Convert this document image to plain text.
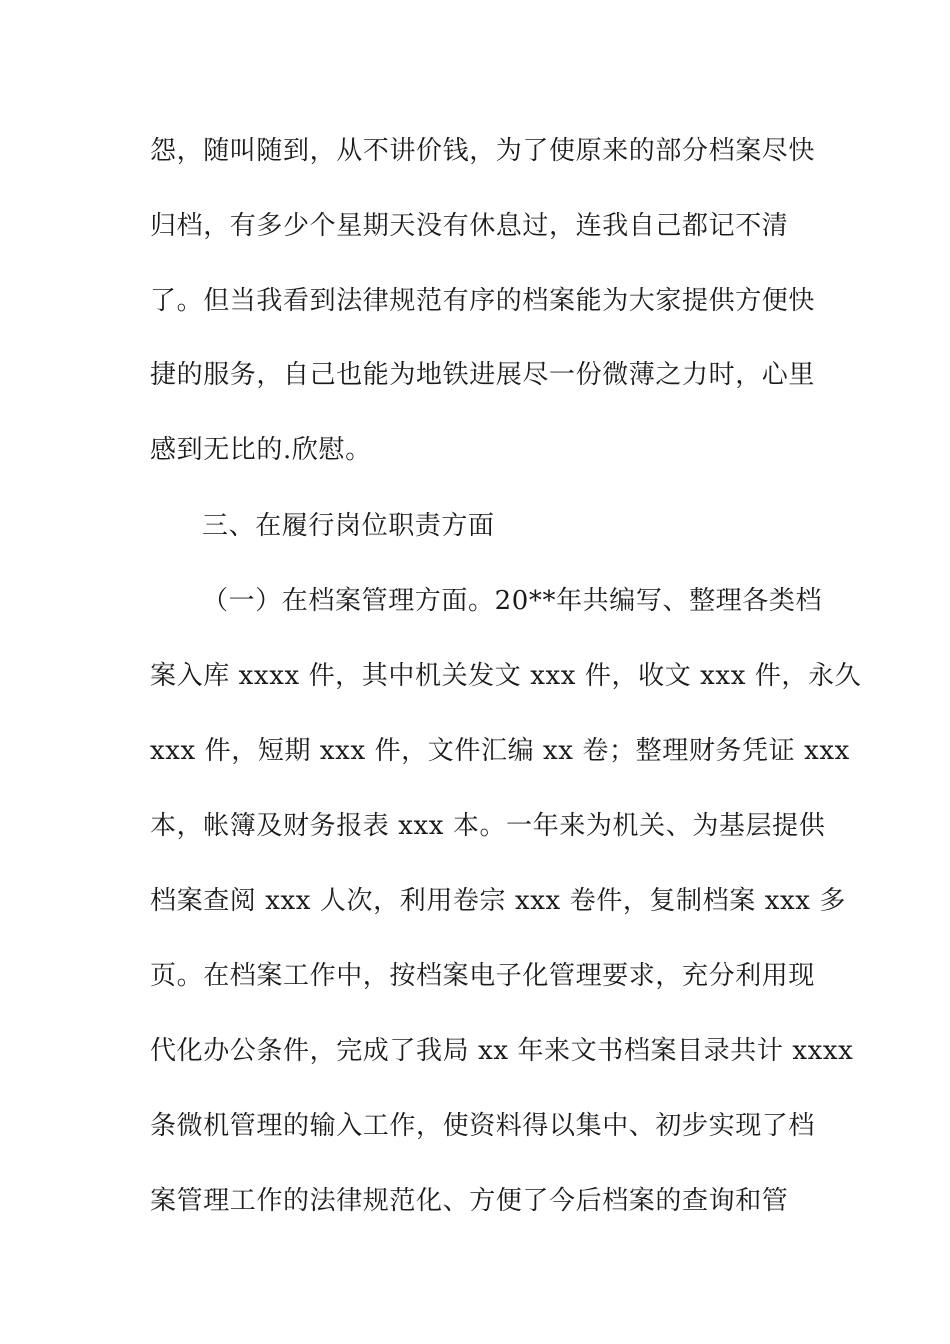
怨，随叫随到，从不讲价钱，为了使原来的部分档案尽快
归档，有多少个星期天没有休息过，连我自己都记不清
了。但当我看到法律规范有序的档案能为大家提供方便快
捷的服务，自己也能为地铁进展尽一份微薄之力时，心里
感到无比的.欣慰。
三、在履行岗位职责方面
（一）在档案管理方面。20**年共编写、整理各类档
案入库 xxxx 件，其中机关发文 xxx 件，收文 xxx 件，永久
xxx 件，短期 xxx 件，文件汇编 xx 卷；整理财务凭证 xxx
本，帐簿及财务报表 xxx 本。一年来为机关、为基层提供
档案查阅 xxx 人次，利用卷宗 xxx 卷件，复制档案 xxx 多
页。在档案工作中，按档案电子化管理要求，充分利用现
代化办公条件，完成了我局 xx 年来文书档案目录共计 xxxx
条微机管理的输入工作，使资料得以集中、初步实现了档
案管理工作的法律规范化、方便了今后档案的查询和管
